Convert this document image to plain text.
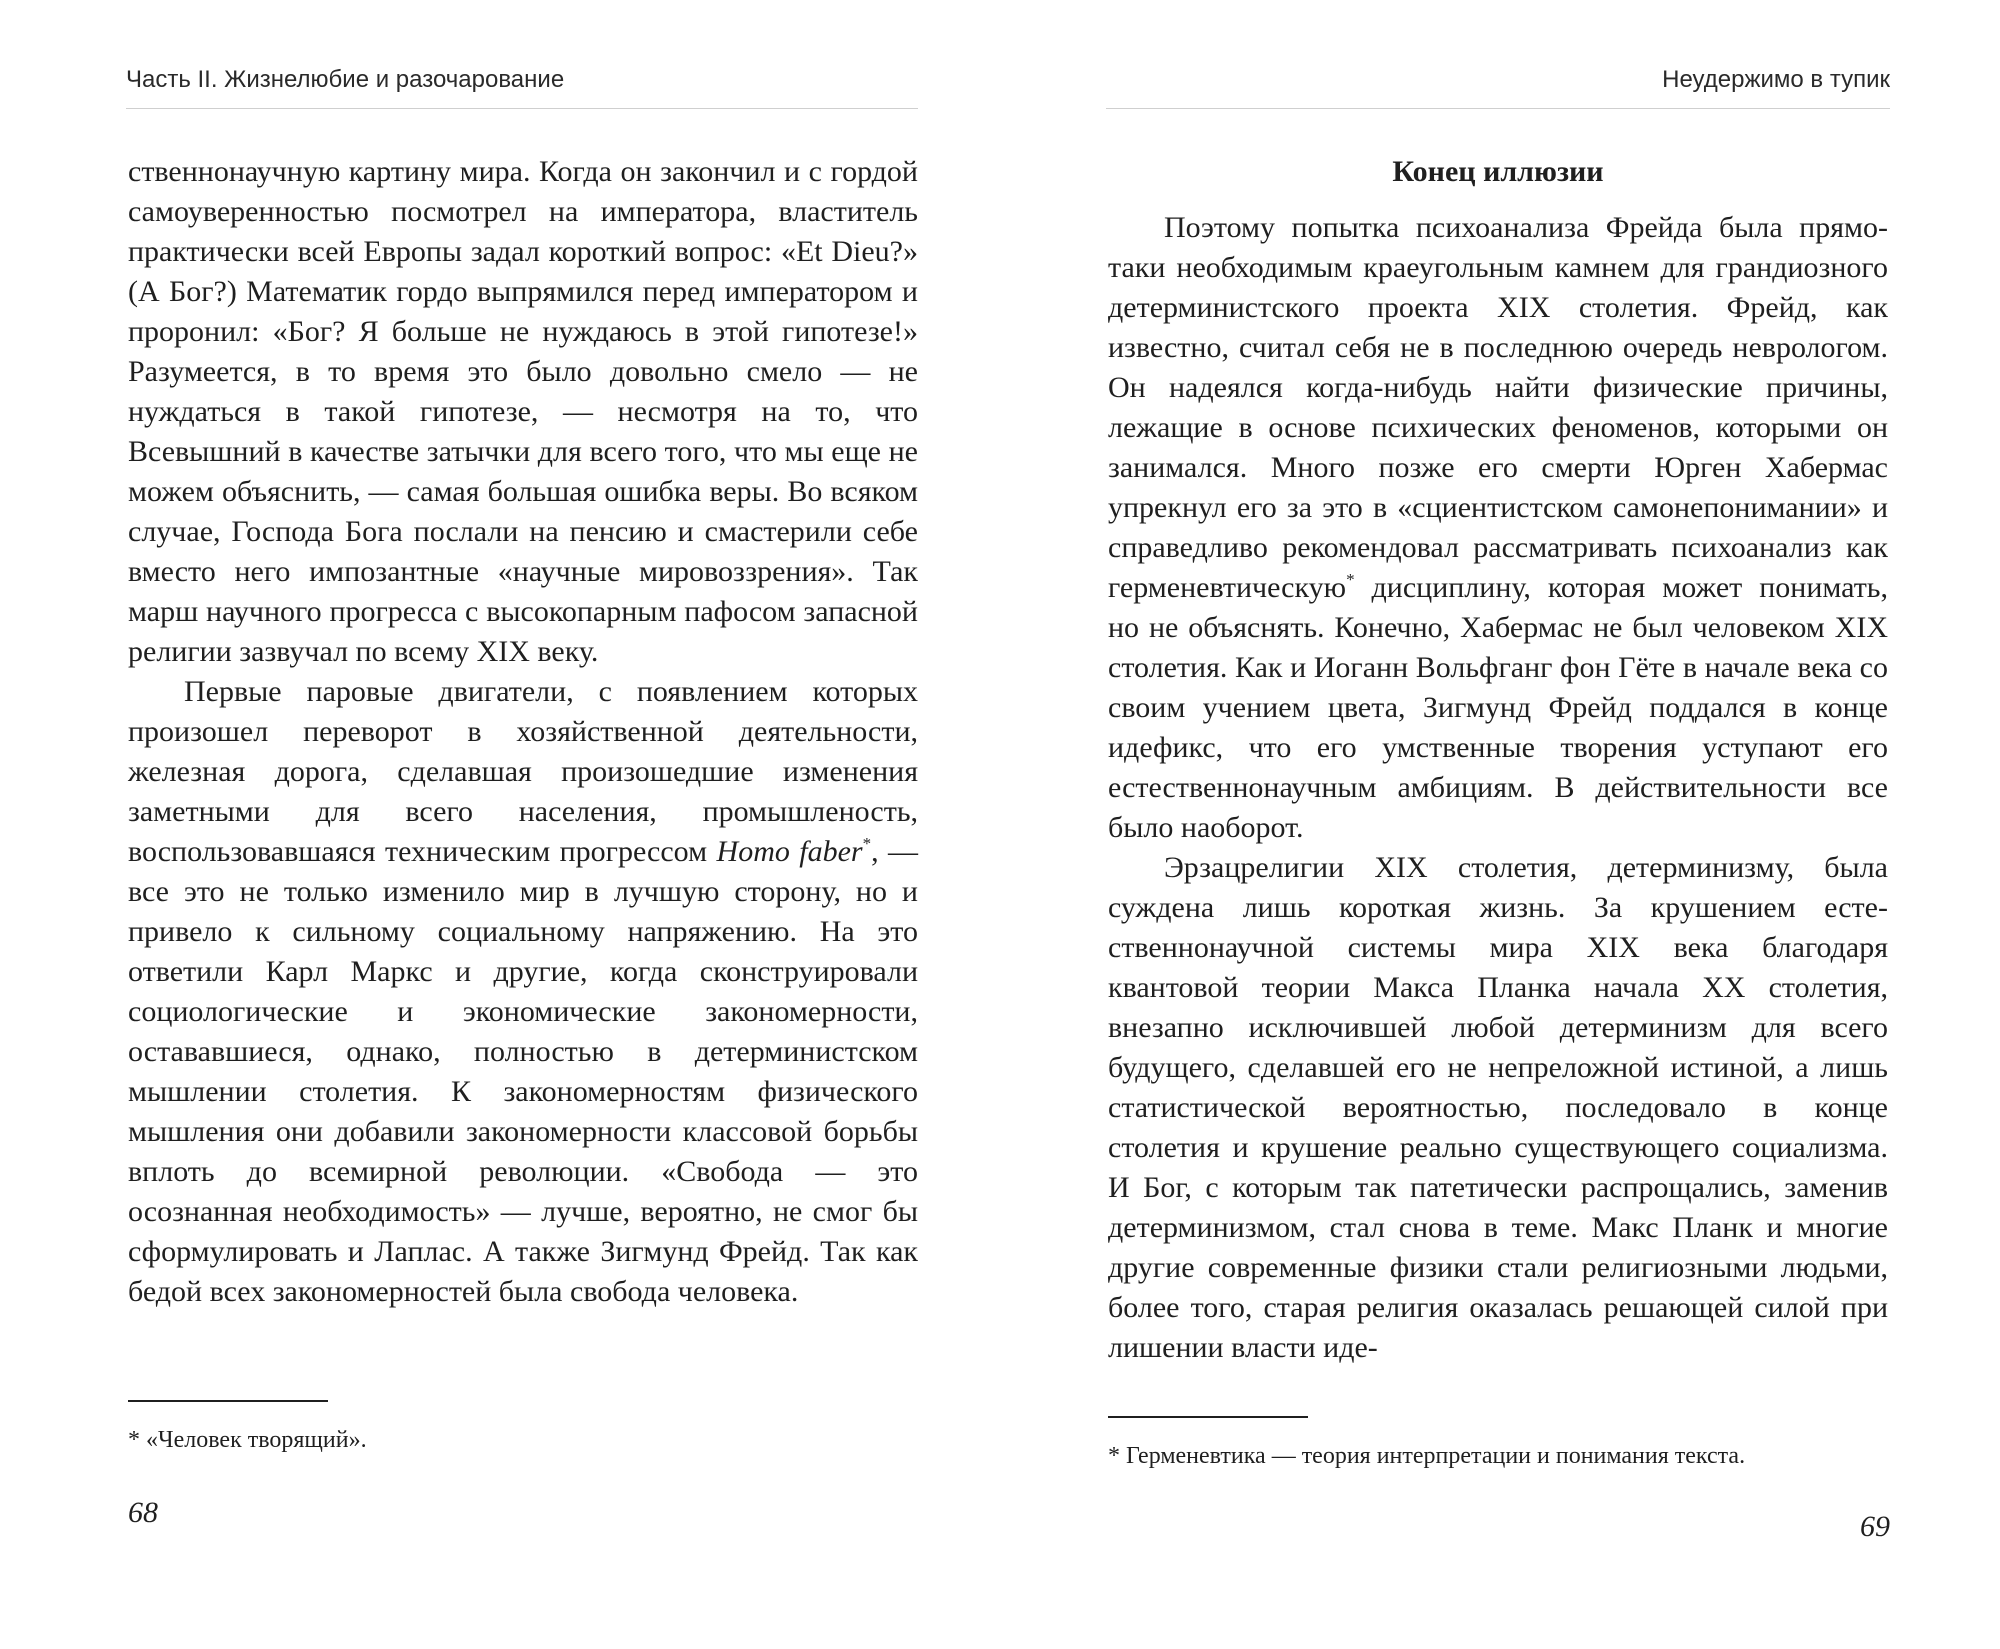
Часть II. Жизнелюбие и разочарование

ственнонаучную картину мира. Когда он закончил и с гордой самоуверенностью посмотрел на императора, властитель практически всей Европы задал короткий вопрос: «Et Dieu?» (А Бог?) Математик гордо выпрямился перед императором и проронил: «Бог? Я больше не нуждаюсь в этой гипотезе!» Разумеется, в то время это было довольно смело — не нуждаться в такой гипотезе, — несмотря на то, что Всевышний в качестве затычки для всего того, что мы еще не можем объяснить, — самая большая ошибка веры. Во всяком случае, Господа Бога послали на пенсию и смастерили себе вместо него импозантные «научные мировоззрения». Так марш научного прогресса с высокопарным пафосом запасной религии зазвучал по всему XIX веку.

Первые паровые двигатели, с появлением которых произошел переворот в хозяйственной деятельности, железная дорога, сделавшая произошедшие изменения заметными для всего населения, промышленость, воспользовавшаяся техническим прогрессом Homo faber*, — все это не только изменило мир в лучшую сторону, но и привело к сильному социальному напряжению. На это ответили Карл Маркс и другие, когда сконструировали социологические и экономические закономерности, остававшиеся, однако, полностью в детерминистском мышлении столетия. К закономерностям физического мышления они добавили закономерности классовой борьбы вплоть до всемирной революции. «Свобода — это осознанная необходимость» — лучше, вероятно, не смог бы сформулировать и Лаплас. А также Зигмунд Фрейд. Так как бедой всех закономерностей была свобода человека.

* «Человек творящий».
68
Неудержимо в тупик
Конец иллюзии

Поэтому попытка психоанализа Фрейда была прямо-таки необходимым краеугольным камнем для грандиозного детерминистского проекта XIX столетия. Фрейд, как известно, считал себя не в последнюю очередь неврологом. Он надеялся когда-нибудь найти физические причины, лежащие в основе психических феноменов, которыми он занимался. Много позже его смерти Юрген Хабермас упрекнул его за это в «сциентистском самонепонимании» и справедливо рекомендовал рассматривать психоанализ как герменевтическую* дисциплину, которая может понимать, но не объяснять. Конечно, Хабермас не был человеком XIX столетия. Как и Иоганн Вольфганг фон Гёте в начале века со своим учением цвета, Зигмунд Фрейд поддался в конце идефикс, что его умственные творения уступают его естественнонаучным амбициям. В действительности все было наоборот.

Эрзацрелигии XIX столетия, детерминизму, была суждена лишь короткая жизнь. За крушением естественнонаучной системы мира XIX века благодаря квантовой теории Макса Планка начала XX столетия, внезапно исключившей любой детерминизм для всего будущего, сделавшей его не непреложной истиной, а лишь статистической вероятностью, последовало в конце столетия и крушение реально существующего социализма. И Бог, с которым так патетически распрощались, заменив детерминизмом, стал снова в теме. Макс Планк и многие другие современные физики стали религиозными людьми, более того, старая религия оказалась решающей силой при лишении власти иде-

* Герменевтика — теория интерпретации и понимания текста.
69
